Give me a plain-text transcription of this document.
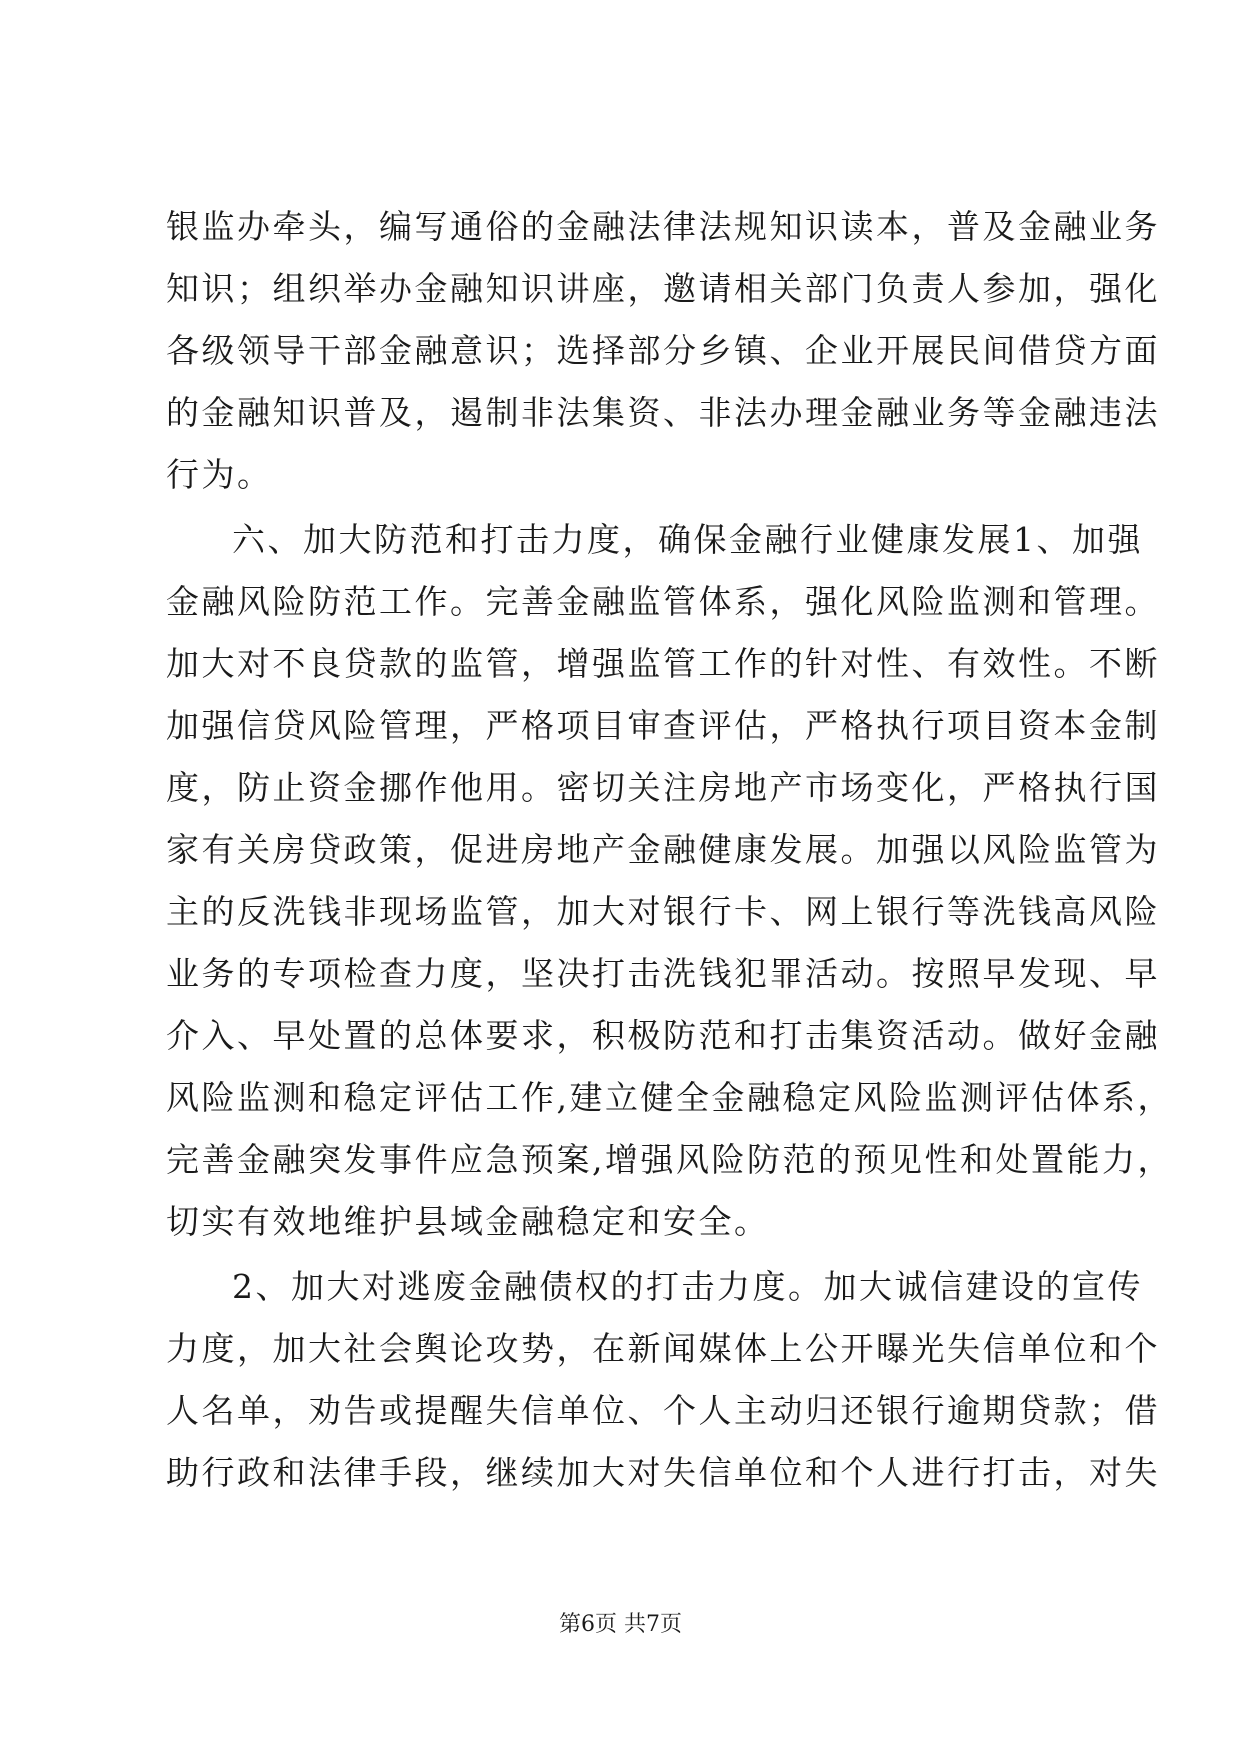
银监办牵头，编写通俗的金融法律法规知识读本，普及金融业务
知识；组织举办金融知识讲座，邀请相关部门负责人参加，强化
各级领导干部金融意识；选择部分乡镇、企业开展民间借贷方面
的金融知识普及，遏制非法集资、非法办理金融业务等金融违法
行为。
六、加大防范和打击力度，确保金融行业健康发展1、加强
金融风险防范工作。完善金融监管体系，强化风险监测和管理。
加大对不良贷款的监管，增强监管工作的针对性、有效性。不断
加强信贷风险管理，严格项目审查评估，严格执行项目资本金制
度，防止资金挪作他用。密切关注房地产市场变化，严格执行国
家有关房贷政策，促进房地产金融健康发展。加强以风险监管为
主的反洗钱非现场监管，加大对银行卡、网上银行等洗钱高风险
业务的专项检查力度，坚决打击洗钱犯罪活动。按照早发现、早
介入、早处置的总体要求，积极防范和打击集资活动。做好金融
风险监测和稳定评估工作,建立健全金融稳定风险监测评估体系，
完善金融突发事件应急预案,增强风险防范的预见性和处置能力，
切实有效地维护县域金融稳定和安全。
2、加大对逃废金融债权的打击力度。加大诚信建设的宣传
力度，加大社会舆论攻势，在新闻媒体上公开曝光失信单位和个
人名单，劝告或提醒失信单位、个人主动归还银行逾期贷款；借
助行政和法律手段，继续加大对失信单位和个人进行打击，对失
第6页 共7页
